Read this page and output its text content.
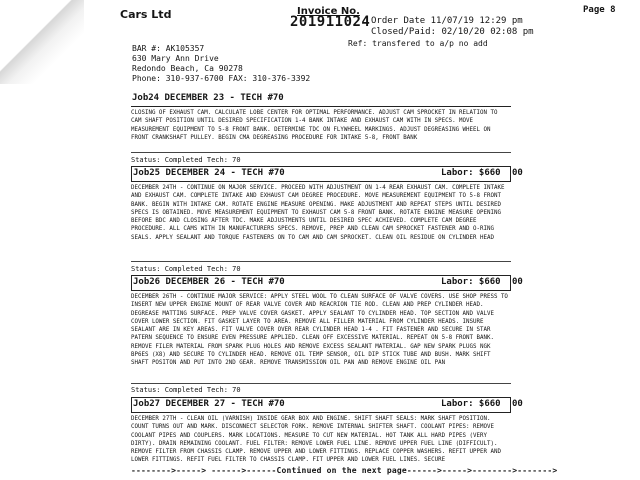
Cars Ltd	Invoice No.
201911024
Page 8
Order Date 11/07/19 12:29 pm
Closed/Paid: 02/10/20 02:08 pm
Ref: transfered to a/p no add
BAR #: AK105357
630 Mary Ann Drive
Redondo Beach, Ca 90278
Phone: 310-937-6700 FAX: 310-376-3392
Job24 DECEMBER 23 - TECH #70
CLOSING OF EXHAUST CAM. CALCULATE LOBE CENTER FOR OPTIMAL PERFORMANCE. ADJUST CAM SPROCKET IN RELATION TO CAM SHAFT POSITION UNTIL DESIRED SPECIFICATION 1-4 BANK INTAKE AND EXHAUST CAM WITH IN SPECS. MOVE MEASUREMENT EQUIPMENT TO 5-8 FRONT BANK. DETERMINE TDC ON FLYWHEEL MARKINGS. ADJUST DEGREASING WHEEL ON FRONT CRANKSHAFT PULLEY. BEGIN CMA DEGREASING PROCEDURE FOR INTAKE 5-8, FRONT BANK
Status: Completed Tech: 70
Job25 DECEMBER 24 - TECH #70	Labor: $660 00
DECEMBER 24TH - CONTINUE ON MAJOR SERVICE. PROCEED WITH ADJUSTMENT ON 1-4 REAR EXHAUST CAM. COMPLETE INTAKE AND EXHAUST CAM. COMPLETE INTAKE AND EXHAUST CAM DEGREE PROCEDURE. MOVE MEASUREMENT EQUIPMENT TO 5-8 FRONT BANK. BEGIN WITH INTAKE CAM. ROTATE ENGINE MEASURE OPENING. MAKE ADJUSTMENT AND REPEAT STEPS UNTIL DESIRED SPECS IS OBTAINED. MOVE MEASUREMENT EQUIPMENT TO EXHAUST CAM 5-8 FRONT BANK. ROTATE ENGINE MEASURE OPENING BEFORE BDC AND CLOSING AFTER TDC. MAKE ADJUSTMENTS UNTIL DESIRED SPEC ACHIEVED. COMPLETE CAM DEGREE PROCEDURE. ALL CAMS WITH IN MANUFACTURERS SPECS. REMOVE, PREP AND CLEAN CAM SPROCKET FASTENER AND O-RING SEALS. APPLY SEALANT AND TORQUE FASTENERS ON TO CAM AND CAM SPROCKET. CLEAN OIL RESIDUE ON CYLINDER HEAD
Status: Completed Tech: 70
Job26 DECEMBER 26 - TECH #70	Labor: $660 00
DECEMBER 26TH - CONTINUE MAJOR SERVICE: APPLY STEEL WOOL TO CLEAN SURFACE OF VALVE COVERS. USE SHOP PRESS TO INSERT NEW UPPER ENGINE MOUNT OF REAR VALVE COVER AND REACRION TIE ROD. CLEAN AND PREP CYLINDER HEAD. DEGREASE MATTING SURFACE. PREP VALVE COVER GASKET. APPLY SEALANT TO CYLINDER HEAD. TOP SECTION AND VALVE COVER LOWER SECTION. FIT GASKET LAYER TO AREA. REMOVE ALL FILLER MATERIAL FROM CYLINDER HEADS. INSURE SEALANT ARE IN KEY AREAS. FIT VALVE COVER OVER REAR CYLINDER HEAD 1-4 . FIT FASTENER AND SECURE IN STAR PATERN SEQUENCE TO ENSURE EVEN PRESSURE APPLIED. CLEAN OFF EXCESSIVE MATERIAL. REPEAT ON 5-8 FRONT BANK. REMOVE FILER MATERIAL FROM SPARK PLUG HOLES AND REMOVE EXCESS SEALANT MATERIAL. GAP NEW SPARK PLUGS NGK BP6ES (X8) AND SECURE TO CYLINDER HEAD. REMOVE OIL TEMP SENSOR, OIL DIP STICK TUBE AND BUSH. MARK SHIFT SHAFT POSITON AND PUT INTO 2ND GEAR. REMOVE TRANSMISSION OIL PAN AND REMOVE ENGINE OIL PAN
Status: Completed Tech: 70
Job27 DECEMBER 27 - TECH #70	Labor: $660 00
DECEMBER 27TH - CLEAN OIL (VARNISH) INSIDE GEAR BOX AND ENGINE. SHIFT SHAFT SEALS: MARK SHAFT POSITION. COUNT TURNS OUT AND MARK. DISCONNECT SELECTOR FORK. REMOVE INTERNAL SHIFTER SHAFT. COOLANT PIPES: REMOVE COOLANT PIPES AND COUPLERS. MARK LOCATIONS. MEASURE TO CUT NEW MATERIAL. HOT TANK ALL HARD PIPES (VERY DIRTY). DRAIN REMAINING COOLANT. FUEL FILTER: REMOVE LOWER FUEL LINE. REMOVE UPPER FUEL LINE (DIFFICULT). REMOVE FILTER FROM CHASSIS CLAMP. REMOVE UPPER AND LOWER FITTINGS. REPLACE COPPER WASHERS. REFIT UPPER AND LOWER FITTINGS. REFIT FUEL FILTER TO CHASSIS CLAMP. FIT UPPER AND LOWER FUEL LINES. SECURE
-------->-----> ------>------Continued on the next page------>----->-------->------->
